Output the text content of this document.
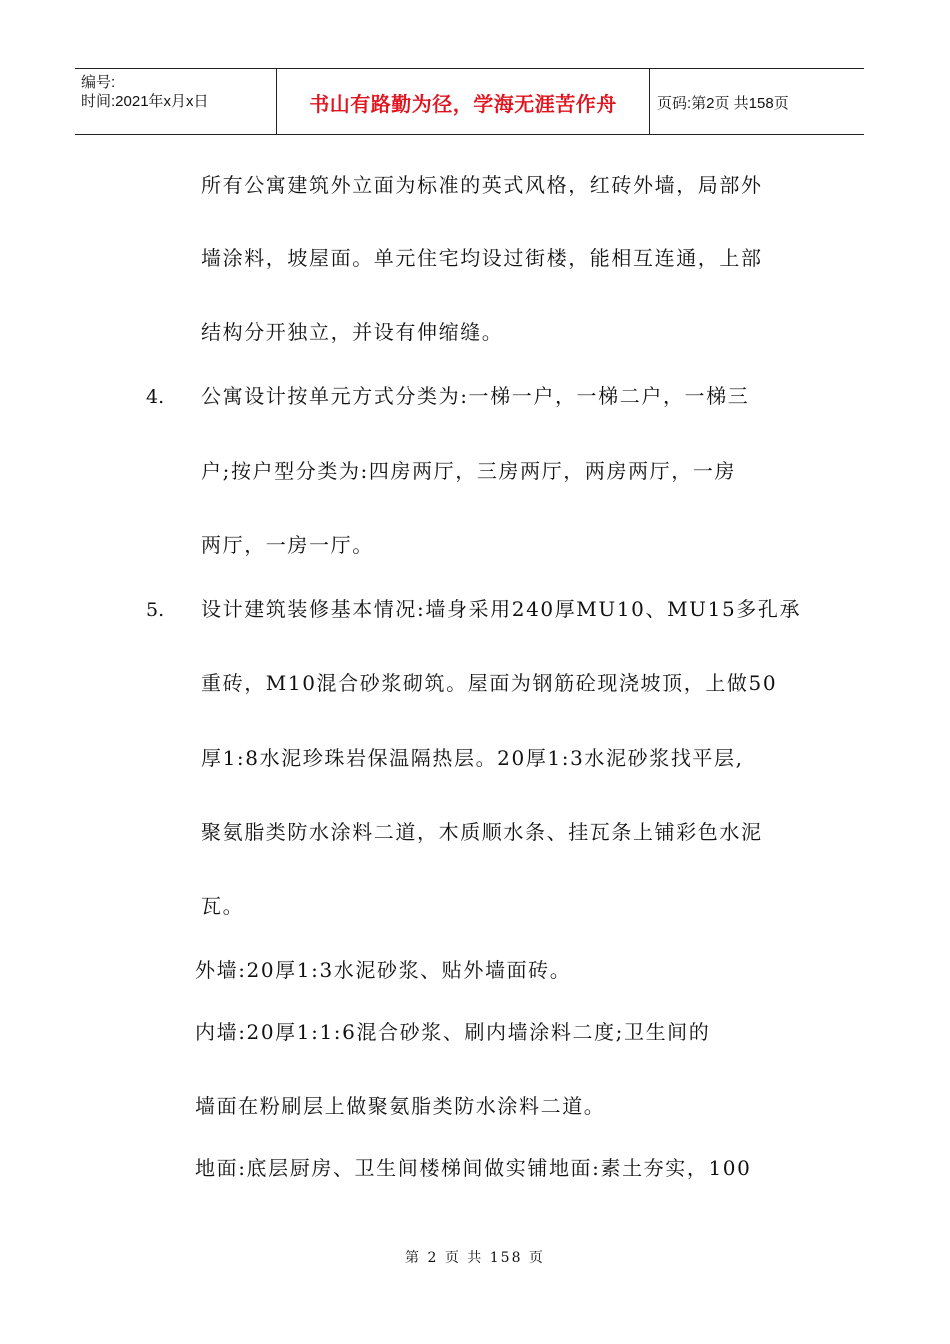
编号:
时间:2021年x月x日	书山有路勤为径，学海无涯苦作舟	页码:第2页 共158页
所有公寓建筑外立面为标准的英式风格，红砖外墙，局部外
墙涂料，坡屋面。单元住宅均设过街楼，能相互连通，上部
结构分开独立，并设有伸缩缝。
4. 公寓设计按单元方式分类为:一梯一户，一梯二户，一梯三
户;按户型分类为:四房两厅，三房两厅，两房两厅，一房
两厅，一房一厅。
5. 设计建筑装修基本情况:墙身采用240厚MU10、MU15多孔承
重砖，M10混合砂浆砌筑。屋面为钢筋砼现浇坡顶，上做50
厚1:8水泥珍珠岩保温隔热层。20厚1:3水泥砂浆找平层,
聚氨脂类防水涂料二道，木质顺水条、挂瓦条上铺彩色水泥
瓦。
外墙:20厚1:3水泥砂浆、贴外墙面砖。
内墙:20厚1:1:6混合砂浆、刷内墙涂料二度;卫生间的
墙面在粉刷层上做聚氨脂类防水涂料二道。
地面:底层厨房、卫生间楼梯间做实铺地面:素土夯实，100
第 2 页 共 158 页
